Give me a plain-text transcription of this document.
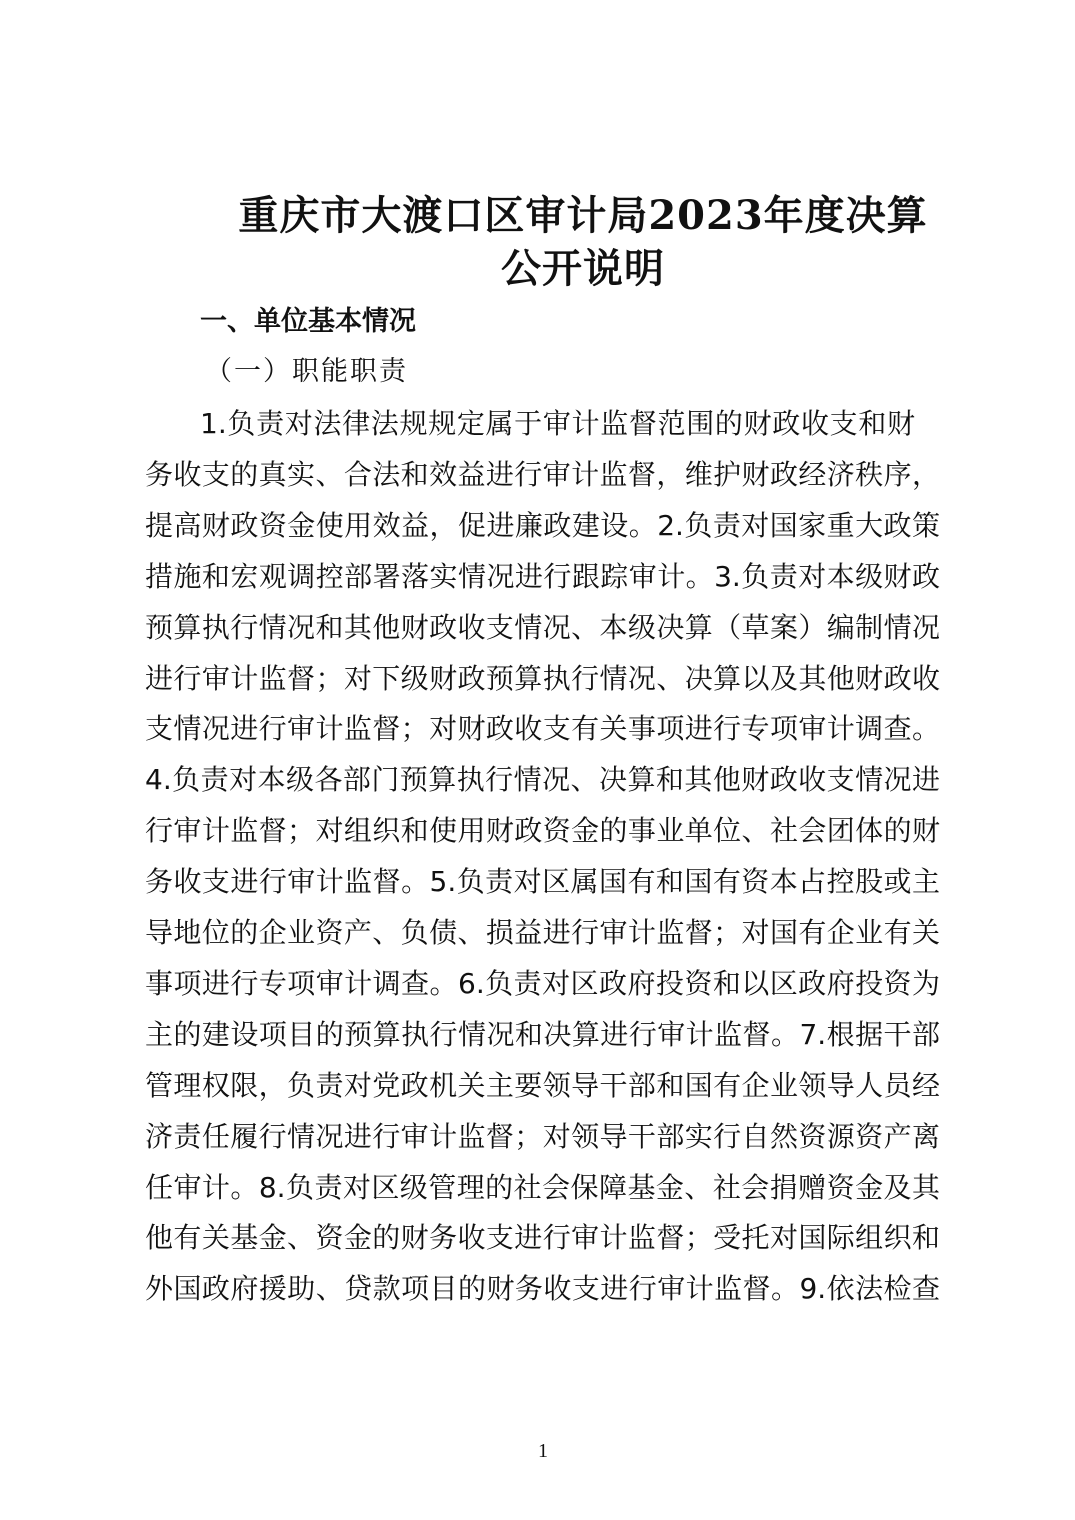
重庆市大渡口区审计局2023年度决算
公开说明
一、单位基本情况
（一）职能职责
1.负责对法律法规规定属于审计监督范围的财政收支和财
务收支的真实、合法和效益进行审计监督，维护财政经济秩序，
提高财政资金使用效益，促进廉政建设。2.负责对国家重大政策
措施和宏观调控部署落实情况进行跟踪审计。3.负责对本级财政
预算执行情况和其他财政收支情况、本级决算（草案）编制情况
进行审计监督；对下级财政预算执行情况、决算以及其他财政收
支情况进行审计监督；对财政收支有关事项进行专项审计调查。
4.负责对本级各部门预算执行情况、决算和其他财政收支情况进
行审计监督；对组织和使用财政资金的事业单位、社会团体的财
务收支进行审计监督。5.负责对区属国有和国有资本占控股或主
导地位的企业资产、负债、损益进行审计监督；对国有企业有关
事项进行专项审计调查。6.负责对区政府投资和以区政府投资为
主的建设项目的预算执行情况和决算进行审计监督。7.根据干部
管理权限，负责对党政机关主要领导干部和国有企业领导人员经
济责任履行情况进行审计监督；对领导干部实行自然资源资产离
任审计。8.负责对区级管理的社会保障基金、社会捐赠资金及其
他有关基金、资金的财务收支进行审计监督；受托对国际组织和
外国政府援助、贷款项目的财务收支进行审计监督。9.依法检查
1
